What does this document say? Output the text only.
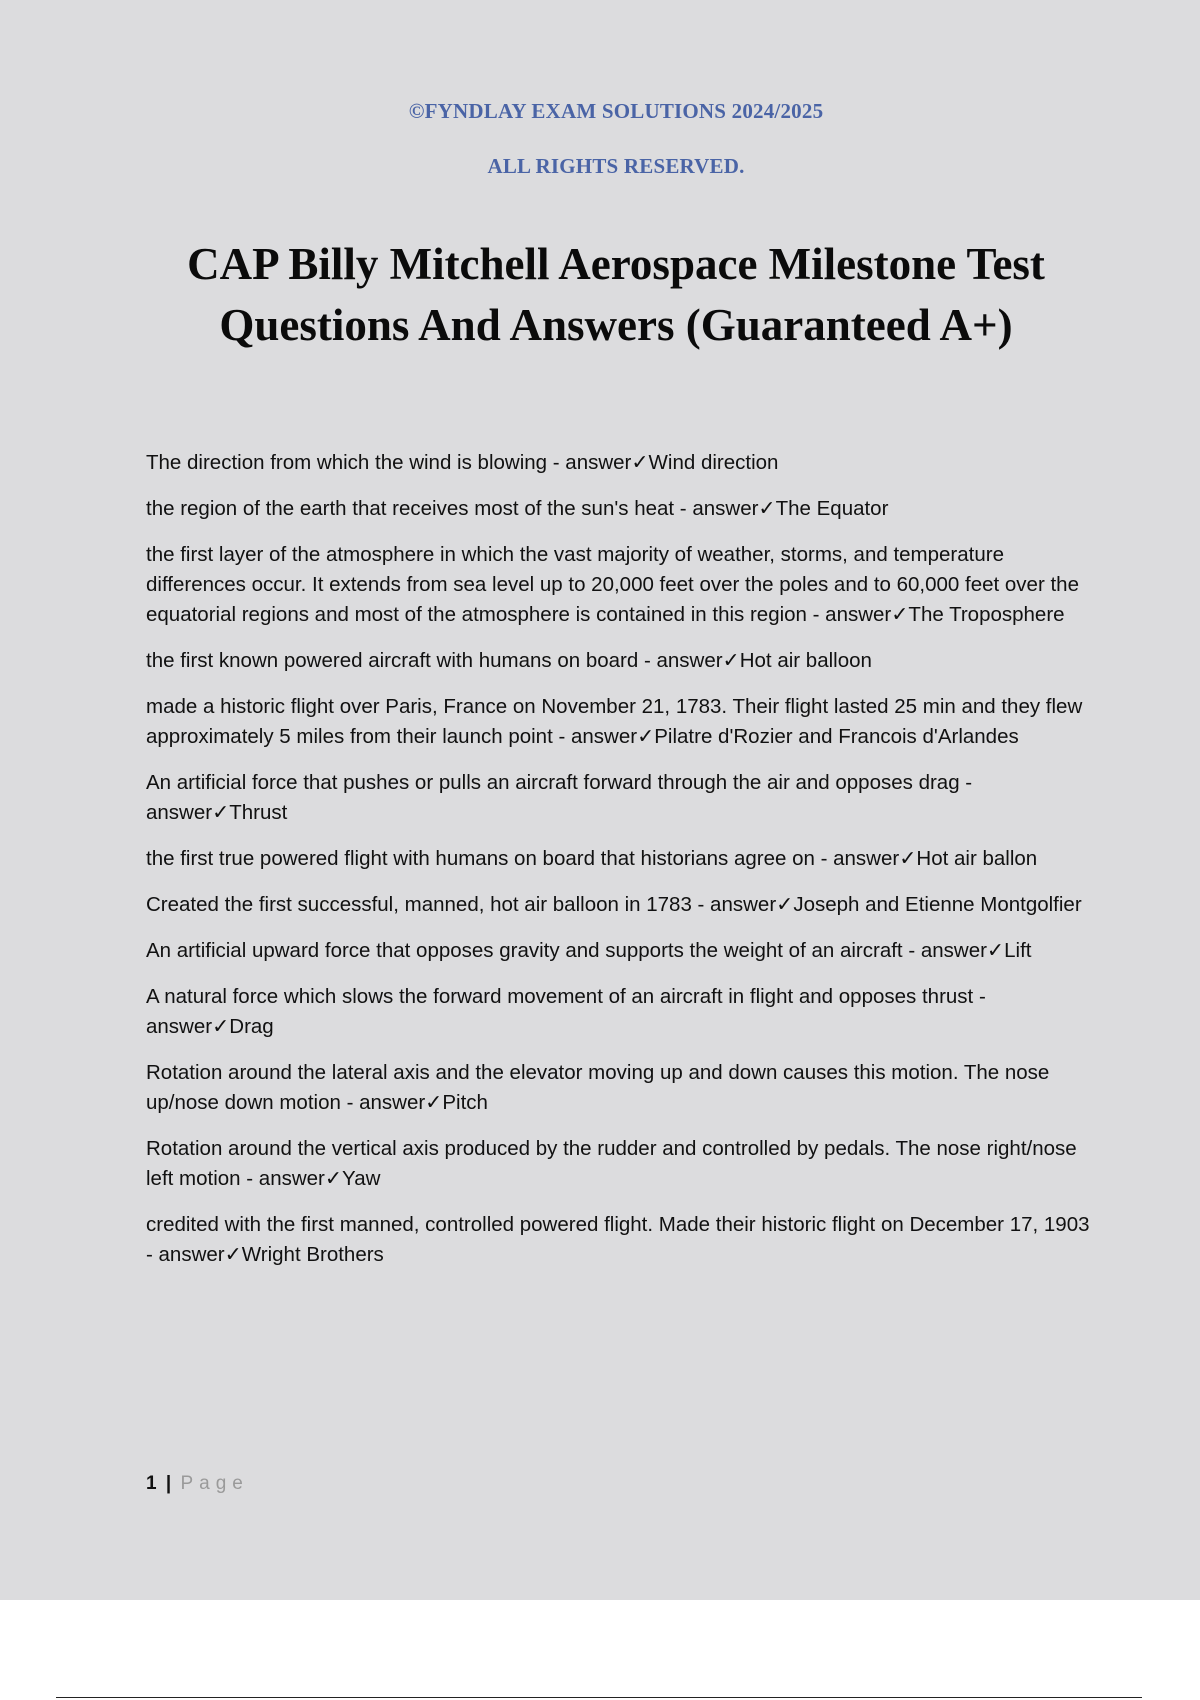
©FYNDLAY EXAM SOLUTIONS 2024/2025
ALL RIGHTS RESERVED.
CAP Billy Mitchell Aerospace Milestone Test
Questions And Answers (Guaranteed A+)
The direction from which the wind is blowing - answer✓Wind direction
the region of the earth that receives most of the sun's heat - answer✓The Equator
the first layer of the atmosphere in which the vast majority of weather, storms, and temperature differences occur. It extends from sea level up to 20,000 feet over the poles and to 60,000 feet over the equatorial regions and most of the atmosphere is contained in this region - answer✓The Troposphere
the first known powered aircraft with humans on board - answer✓Hot air balloon
made a historic flight over Paris, France on November 21, 1783. Their flight lasted 25 min and they flew approximately 5 miles from their launch point - answer✓Pilatre d'Rozier and Francois d'Arlandes
An artificial force that pushes or pulls an aircraft forward through the air and opposes drag - answer✓Thrust
the first true powered flight with humans on board that historians agree on - answer✓Hot air ballon
Created the first successful, manned, hot air balloon in 1783 - answer✓Joseph and Etienne Montgolfier
An artificial upward force that opposes gravity and supports the weight of an aircraft - answer✓Lift
A natural force which slows the forward movement of an aircraft in flight and opposes thrust - answer✓Drag
Rotation around the lateral axis and the elevator moving up and down causes this motion. The nose up/nose down motion - answer✓Pitch
Rotation around the vertical axis produced by the rudder and controlled by pedals. The nose right/nose left motion - answer✓Yaw
credited with the first manned, controlled powered flight. Made their historic flight on December 17, 1903 - answer✓Wright Brothers
1 | Page
